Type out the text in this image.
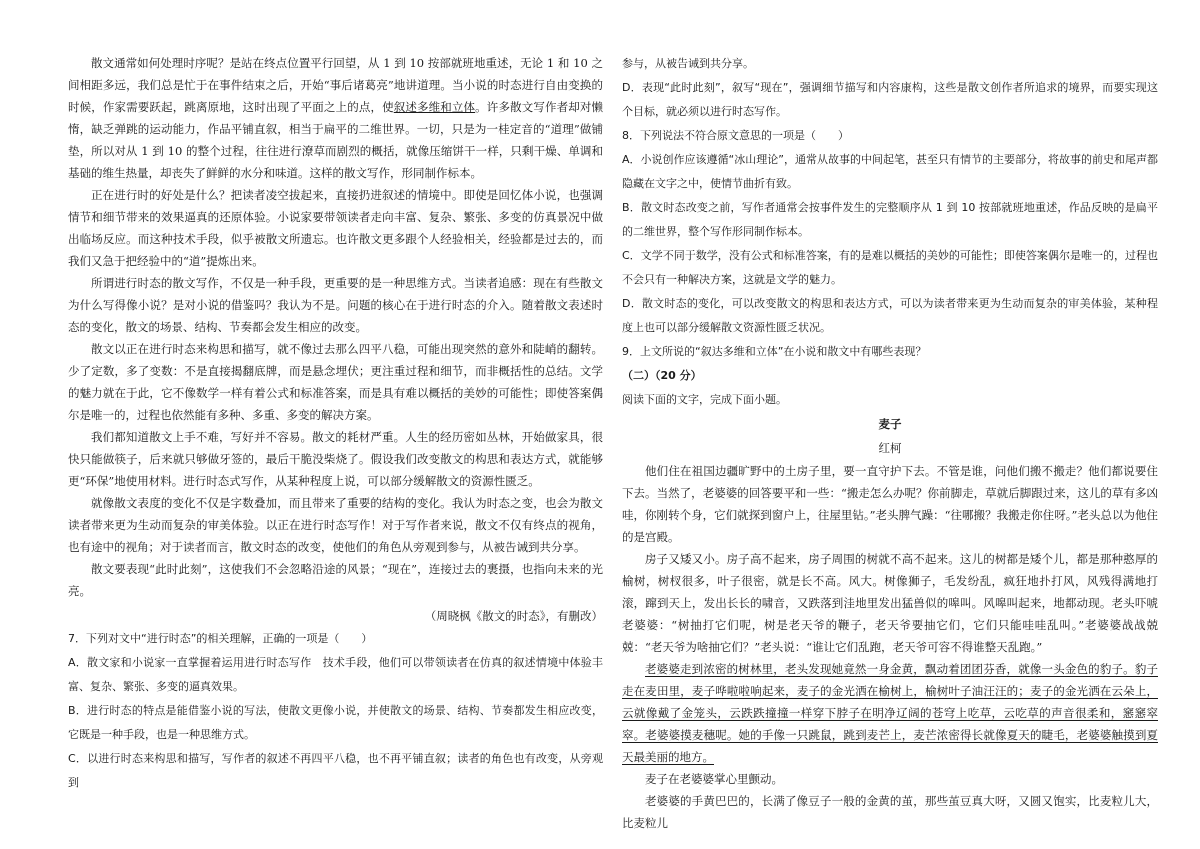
散文通常如何处理时序呢？是站在终点位置平行回望，从 1 到 10 按部就班地重述，无论 1 和 10 之间相距多远，我们总是忙于在事件结束之后，开始“事后诸葛亮”地讲道理。当小说的时态进行自由变换的时候，作家需要跃起，跳离原地，这时出现了平面之上的点，使叙述多维和立体。许多散文写作者却对懒惰，缺乏弹跳的运动能力，作品平铺直叙，相当于扁平的二维世界。一切，只是为一桂定音的“道理”做铺垫，所以对从 1 到 10 的整个过程，往往进行潦草而剧烈的概括，就像压缩饼干一样，只剩干燥、单调和基础的维生热量，却丧失了鲜鲜的水分和味道。这样的散文写作，形同制作标本。

正在进行时的好处是什么？把读者凌空拔起来，直接扔进叙述的情境中。即使是回忆体小说，也强调情节和细节带来的效果逼真的还原体验。小说家要带领读者走向丰富、复杂、繁张、多变的仿真景况中做出临场反应。而这种技术手段，似乎被散文所遗忘。也许散文更多跟个人经验相关，经验都是过去的，而我们又急于把经验中的“道”提炼出来。

所谓进行时态的散文写作，不仅是一种手段，更重要的是一种思维方式。当读者追感：现在有些散文为什么写得像小说？是对小说的借鉴吗？我认为不是。问题的核心在于进行时态的介入。随着散文表述时态的变化，散文的场景、结构、节奏都会发生相应的改变。

散文以正在进行时态来构思和描写，就不像过去那么四平八稳，可能出现突然的意外和陡峭的翻转。少了定数，多了变数：不是直接揭翻底牌，而是悬念埋伏；更注重过程和细节，而非概括性的总结。文学的魅力就在于此，它不像数学一样有着公式和标准答案，而是具有难以概括的美妙的可能性；即使答案偶尔是唯一的，过程也依然能有多种、多重、多变的解决方案。

我们都知道散文上手不难，写好并不容易。散文的耗材严重。人生的经历密如丛林，开始做家具，很快只能做筷子，后来就只够做牙签的，最后干脆没柴烧了。假设我们改变散文的构思和表达方式，就能够更“环保”地使用材料。进行时态式写作，从某种程度上说，可以部分缓解散文的资源性匮乏。

就像散文表度的变化不仅是字数叠加，而且带来了重要的结构的变化。我认为时态之变，也会为散文读者带来更为生动而复杂的审美体验。以正在进行时态写作！对于写作者来说，散文不仅有终点的视角，也有途中的视角；对于读者而言，散文时态的改变，使他们的角色从旁观到参与，从被告诫到共分享。

散文要表现“此时此刻”，这使我们不会忽略沿途的风景；“现在”，连接过去的裹摄，也指向未来的光亮。

（周晓枫《散文的时态》，有删改）

7．下列对文中“进行时态”的相关理解，正确的一项是（　　）

A．散文家和小说家一直掌握着运用进行时态写作　技术手段，他们可以带领读者在仿真的叙述情境中体验丰富、复杂、繁张、多变的逼真效果。

B．进行时态的特点是能借鉴小说的写法，使散文更像小说，并使散文的场景、结构、节奏都发生相应改变，它既是一种手段，也是一种思维方式。

C．以进行时态来构思和描写，写作者的叙述不再四平八稳，也不再平铺直叙；读者的角色也有改变，从旁观到

参与，从被告诫到共分享。

D．表现“此时此刻”，叙写“现在”，强调细节描写和内容康构，这些是散文创作者所追求的境界，而要实现这个目标，就必须以进行时态写作。

8．下列说法不符合原文意思的一项是（　　）

A．小说创作应该遵循“冰山理论”，通常从故事的中间起笔，甚至只有情节的主要部分，将故事的前史和尾声都隐藏在文字之中，使情节曲折有致。

B．散文时态改变之前，写作者通常会按事件发生的完整顺序从 1 到 10 按部就班地重述，作品反映的是扁平的二维世界，整个写作形同制作标本。

C．文学不同于数学，没有公式和标准答案，有的是难以概括的美妙的可能性；即使答案偶尔是唯一的，过程也不会只有一种解决方案，这就是文学的魅力。

D．散文时态的变化，可以改变散文的构思和表达方式，可以为读者带来更为生动而复杂的审美体验，某种程度上也可以部分缓解散文资源性匮乏状况。

9．上文所说的“叙达多维和立体”在小说和散文中有哪些表现？

（二）（20 分）

阅读下面的文字，完成下面小题。

麦子

红柯

他们住在祖国边疆旷野中的土房子里，要一直守护下去。不管是谁，问他们搬不搬走？他们都说要住下去。当然了，老婆婆的回答要平和一些：“搬走怎么办呢？你前脚走，草就后脚跟过来，这儿的草有多凶哇，你刚转个身，它们就探到窗户上，往屋里钻。”老头脾气躁：“往哪搬？我搬走你住呀。”老头总以为他住的是宫殿。

房子又矮又小。房子高不起来，房子周围的树就不高不起来。这儿的树都是矮个儿，都是那种憨厚的榆树，树杈很多，叶子很密，就是长不高。风大。树像狮子，毛发纷乱，疯狂地扑打风，风残得满地打滚，蹿到天上，发出长长的啸音，又跌落到洼地里发出猛兽似的嗥叫。风嗥叫起来，地都动现。老头吓唬老婆婆：“树抽打它们呢，树是老天爷的鞭子，老天爷要抽它们，它们只能哇哇乱叫。”老婆婆战战兢兢：“老天爷为啥抽它们？”老头说：“谁让它们乱跑，老天爷可容不得谁整天乱跑。”

老婆婆走到浓密的树林里，老头发现她竟然一身金黄，飘动着团团芬香，就像一头金色的豹子。豹子走在麦田里，麦子哗啦啦响起来，麦子的金光洒在榆树上，榆树叶子油汪汪的；麦子的金光洒在云朵上，云就像戴了金笼头，云跌跌撞撞一样穿下脖子在明净辽阔的苍穹上吃草，云吃草的声音很柔和，窸窸窣窣。老婆婆摸麦穗呢。她的手像一只跳鼠，跳到麦芒上，麦芒浓密得长就像夏天的睫毛，老婆婆触摸到夏天最美丽的地方。

麦子在老婆婆掌心里颤动。

老婆婆的手黄巴巴的，长满了像豆子一般的金黄的茧，那些茧豆真大呀，又圆又饱实，比麦粒儿大，比麦粒儿
